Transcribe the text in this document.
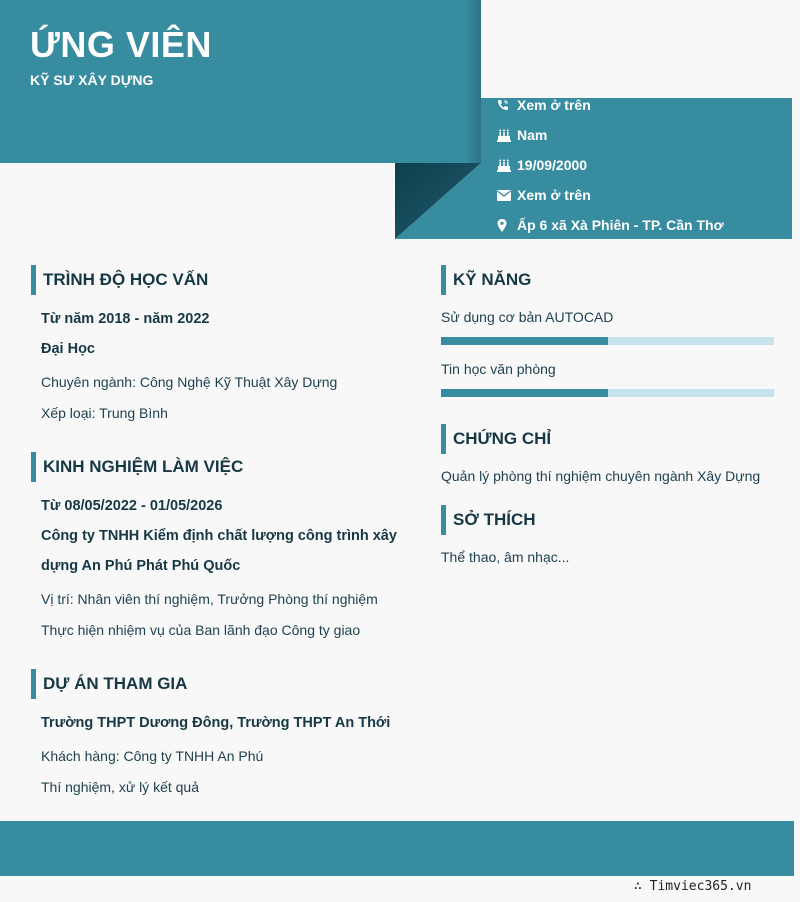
ỨNG VIÊN
KỸ SƯ XÂY DỰNG
Xem ở trên
Nam
19/09/2000
Xem ở trên
Ấp 6 xã Xà Phiên - TP. Cần Thơ
TRÌNH ĐỘ HỌC VẤN
Từ năm 2018 - năm 2022
Đại Học
Chuyên ngành: Công Nghệ Kỹ Thuật Xây Dựng
Xếp loại: Trung Bình
KINH NGHIỆM LÀM VIỆC
Từ 08/05/2022 - 01/05/2026
Công ty TNHH Kiểm định chất lượng công trình xây
dựng An Phú Phát Phú Quốc
Vị trí: Nhân viên thí nghiệm, Trưởng Phòng thí nghiệm
Thực hiện nhiệm vụ của Ban lãnh đạo Công ty giao
DỰ ÁN THAM GIA
Trường THPT Dương Đông, Trường THPT An Thới
Khách hàng: Công ty TNHH An Phú
Thí nghiệm, xử lý kết quả
KỸ NĂNG
Sử dụng cơ bản AUTOCAD
Tin học văn phòng
CHỨNG CHỈ
Quản lý phòng thí nghiệm chuyên ngành Xây Dựng
SỞ THÍCH
Thể thao, âm nhạc...
∴ Timviec365.vn
